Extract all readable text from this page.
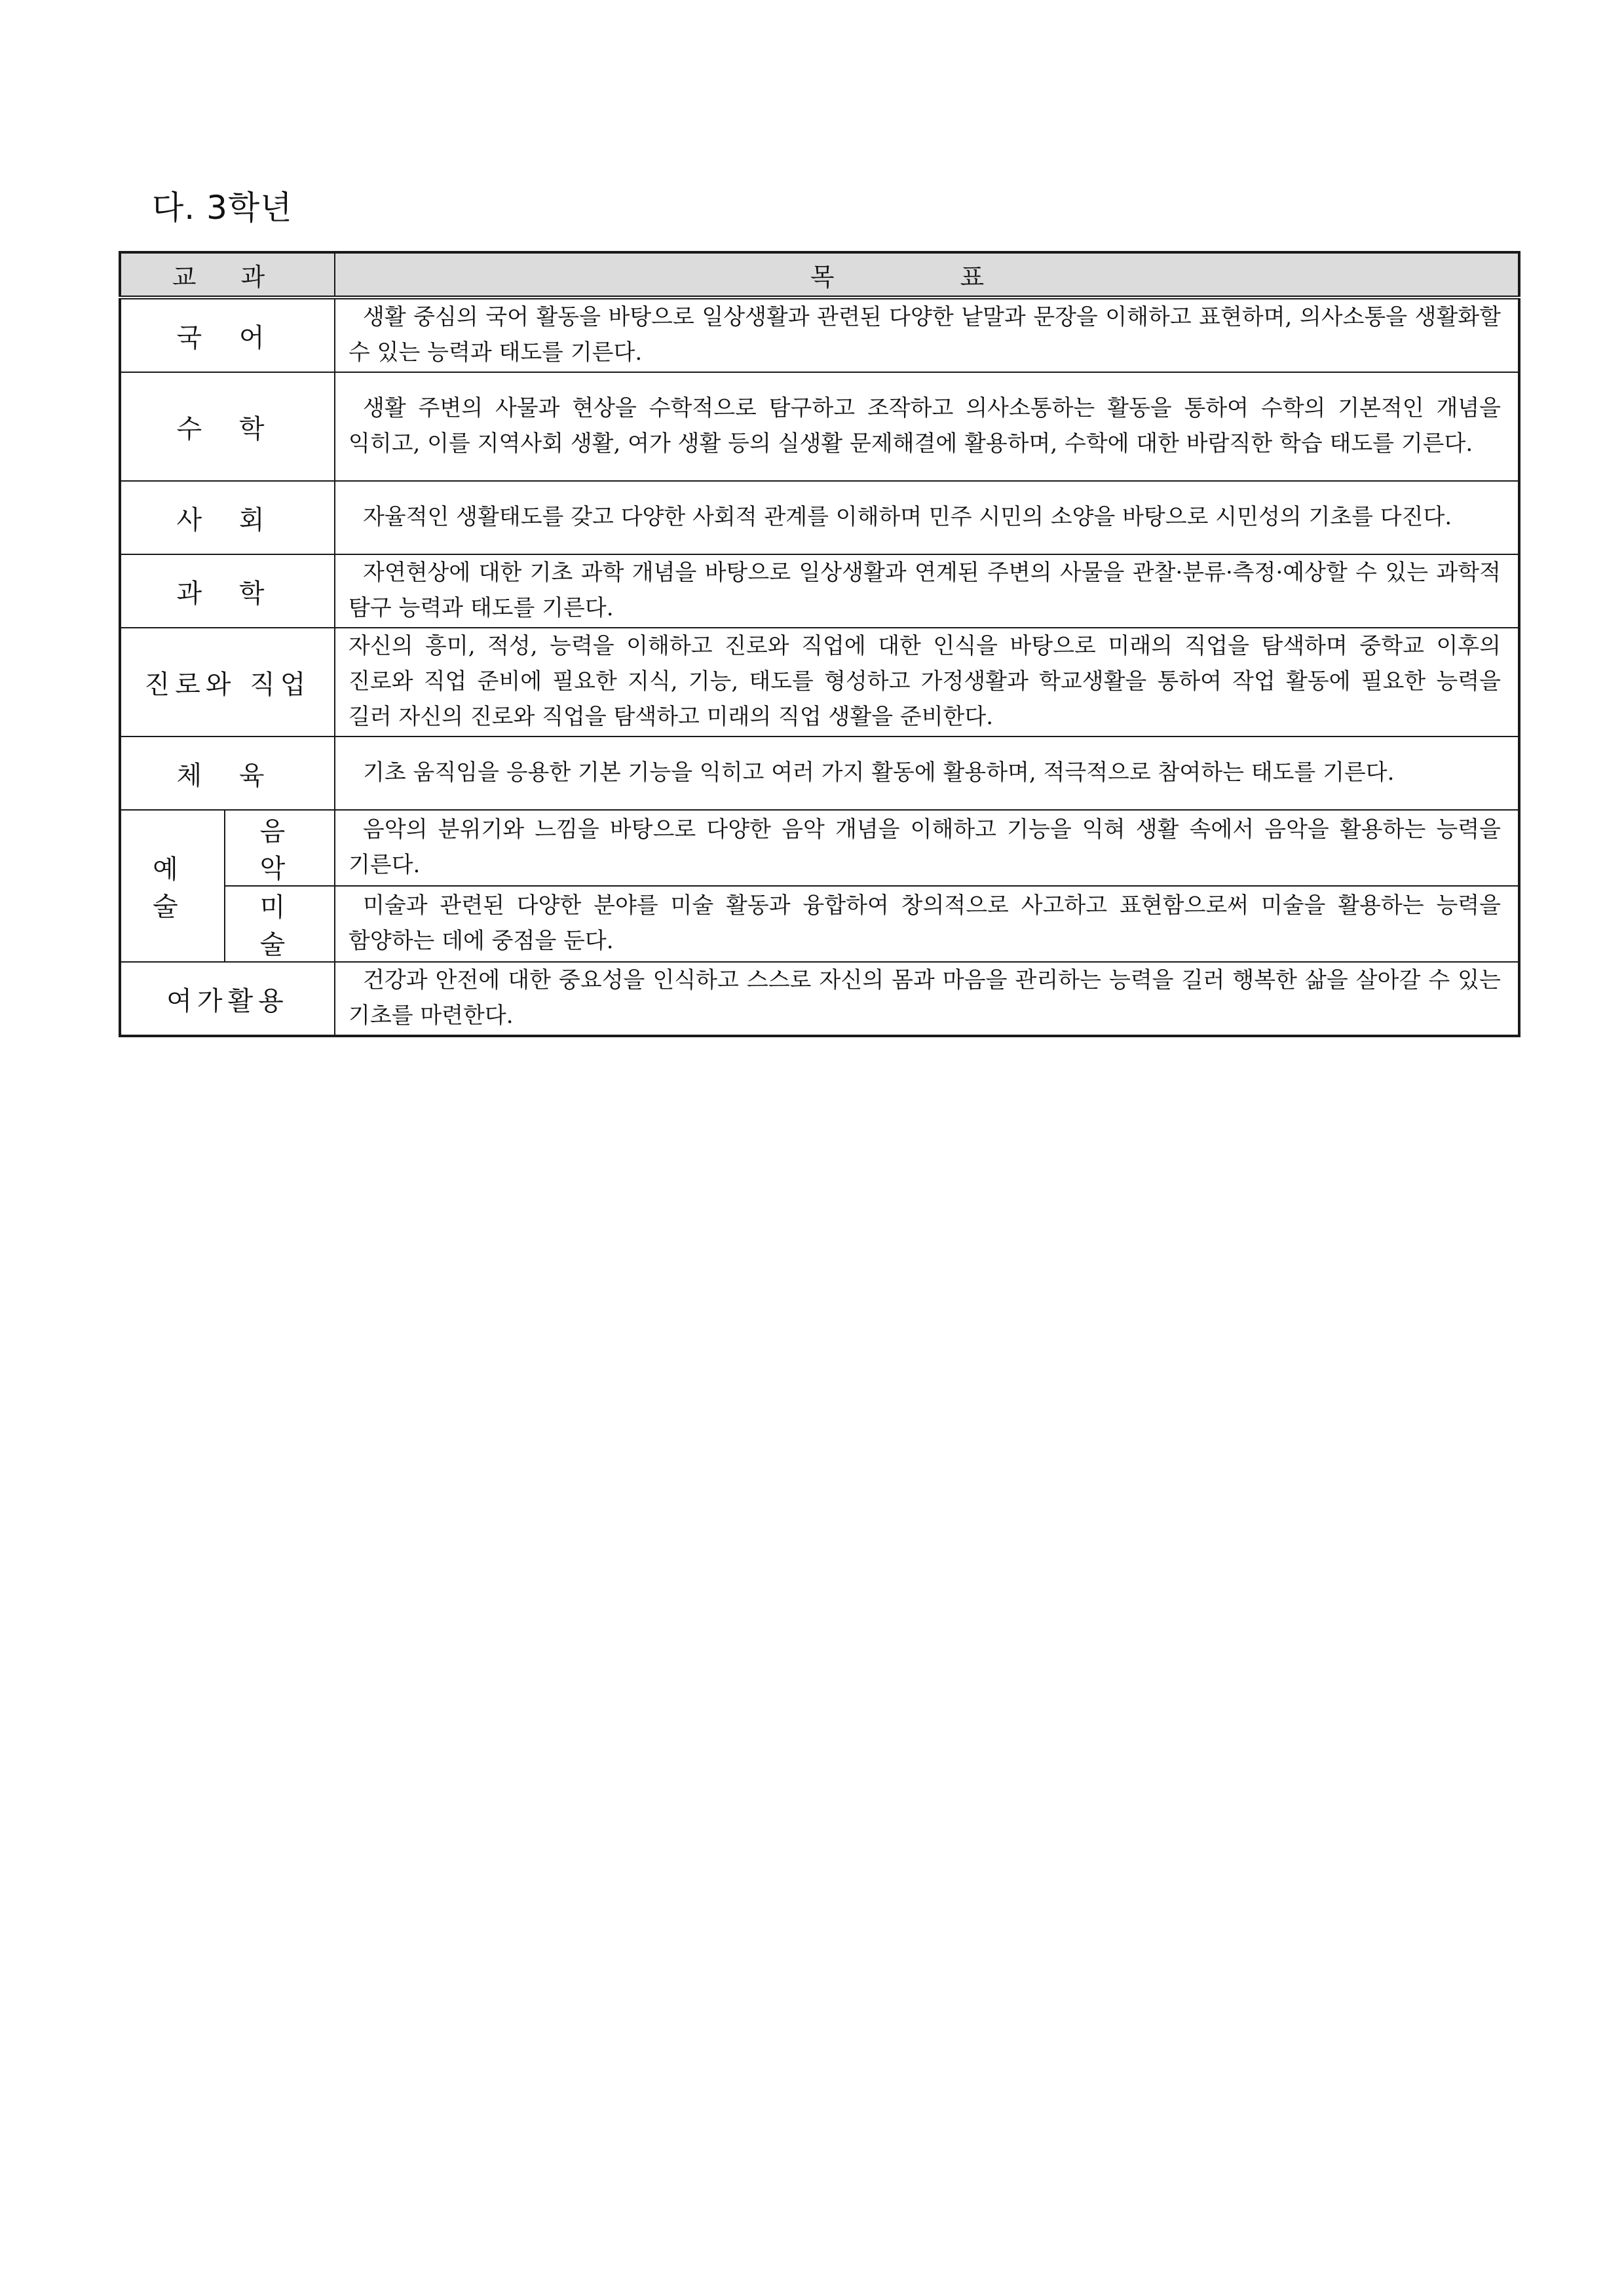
다. 3학년
교 과		목 표
국 어		생활 중심의 국어 활동을 바탕으로 일상생활과 관련된 다양한 낱말과 문장을 이해하고 표현하며, 의사소통을 생활화할 수 있는 능력과 태도를 기른다.
수 학		생활 주변의 사물과 현상을 수학적으로 탐구하고 조작하고 의사소통하는 활동을 통하여 수학의 기본적인 개념을 익히고, 이를 지역사회 생활, 여가 생활 등의 실생활 문제해결에 활용하며, 수학에 대한 바람직한 학습 태도를 기른다.
사 회		자율적인 생활태도를 갖고 다양한 사회적 관계를 이해하며 민주 시민의 소양을 바탕으로 시민성의 기초를 다진다.
과 학		자연현상에 대한 기초 과학 개념을 바탕으로 일상생활과 연계된 주변의 사물을 관찰·분류·측정·예상할 수 있는 과학적 탐구 능력과 태도를 기른다.
진로와 직업		자신의 흥미, 적성, 능력을 이해하고 진로와 직업에 대한 인식을 바탕으로 미래의 직업을 탐색하며 중학교 이후의 진로와 직업 준비에 필요한 지식, 기능, 태도를 형성하고 가정생활과 학교생활을 통하여 작업 활동에 필요한 능력을 길러 자신의 진로와 직업을 탐색하고 미래의 직업 생활을 준비한다.
체 육		기초 움직임을 응용한 기본 기능을 익히고 여러 가지 활동에 활용하며, 적극적으로 참여하는 태도를 기른다.
예 술	음 악	음악의 분위기와 느낌을 바탕으로 다양한 음악 개념을 이해하고 기능을 익혀 생활 속에서 음악을 활용하는 능력을 기른다.
	미 술	미술과 관련된 다양한 분야를 미술 활동과 융합하여 창의적으로 사고하고 표현함으로써 미술을 활용하는 능력을 함양하는 데에 중점을 둔다.
여가활용		건강과 안전에 대한 중요성을 인식하고 스스로 자신의 몸과 마음을 관리하는 능력을 길러 행복한 삶을 살아갈 수 있는 기초를 마련한다.
